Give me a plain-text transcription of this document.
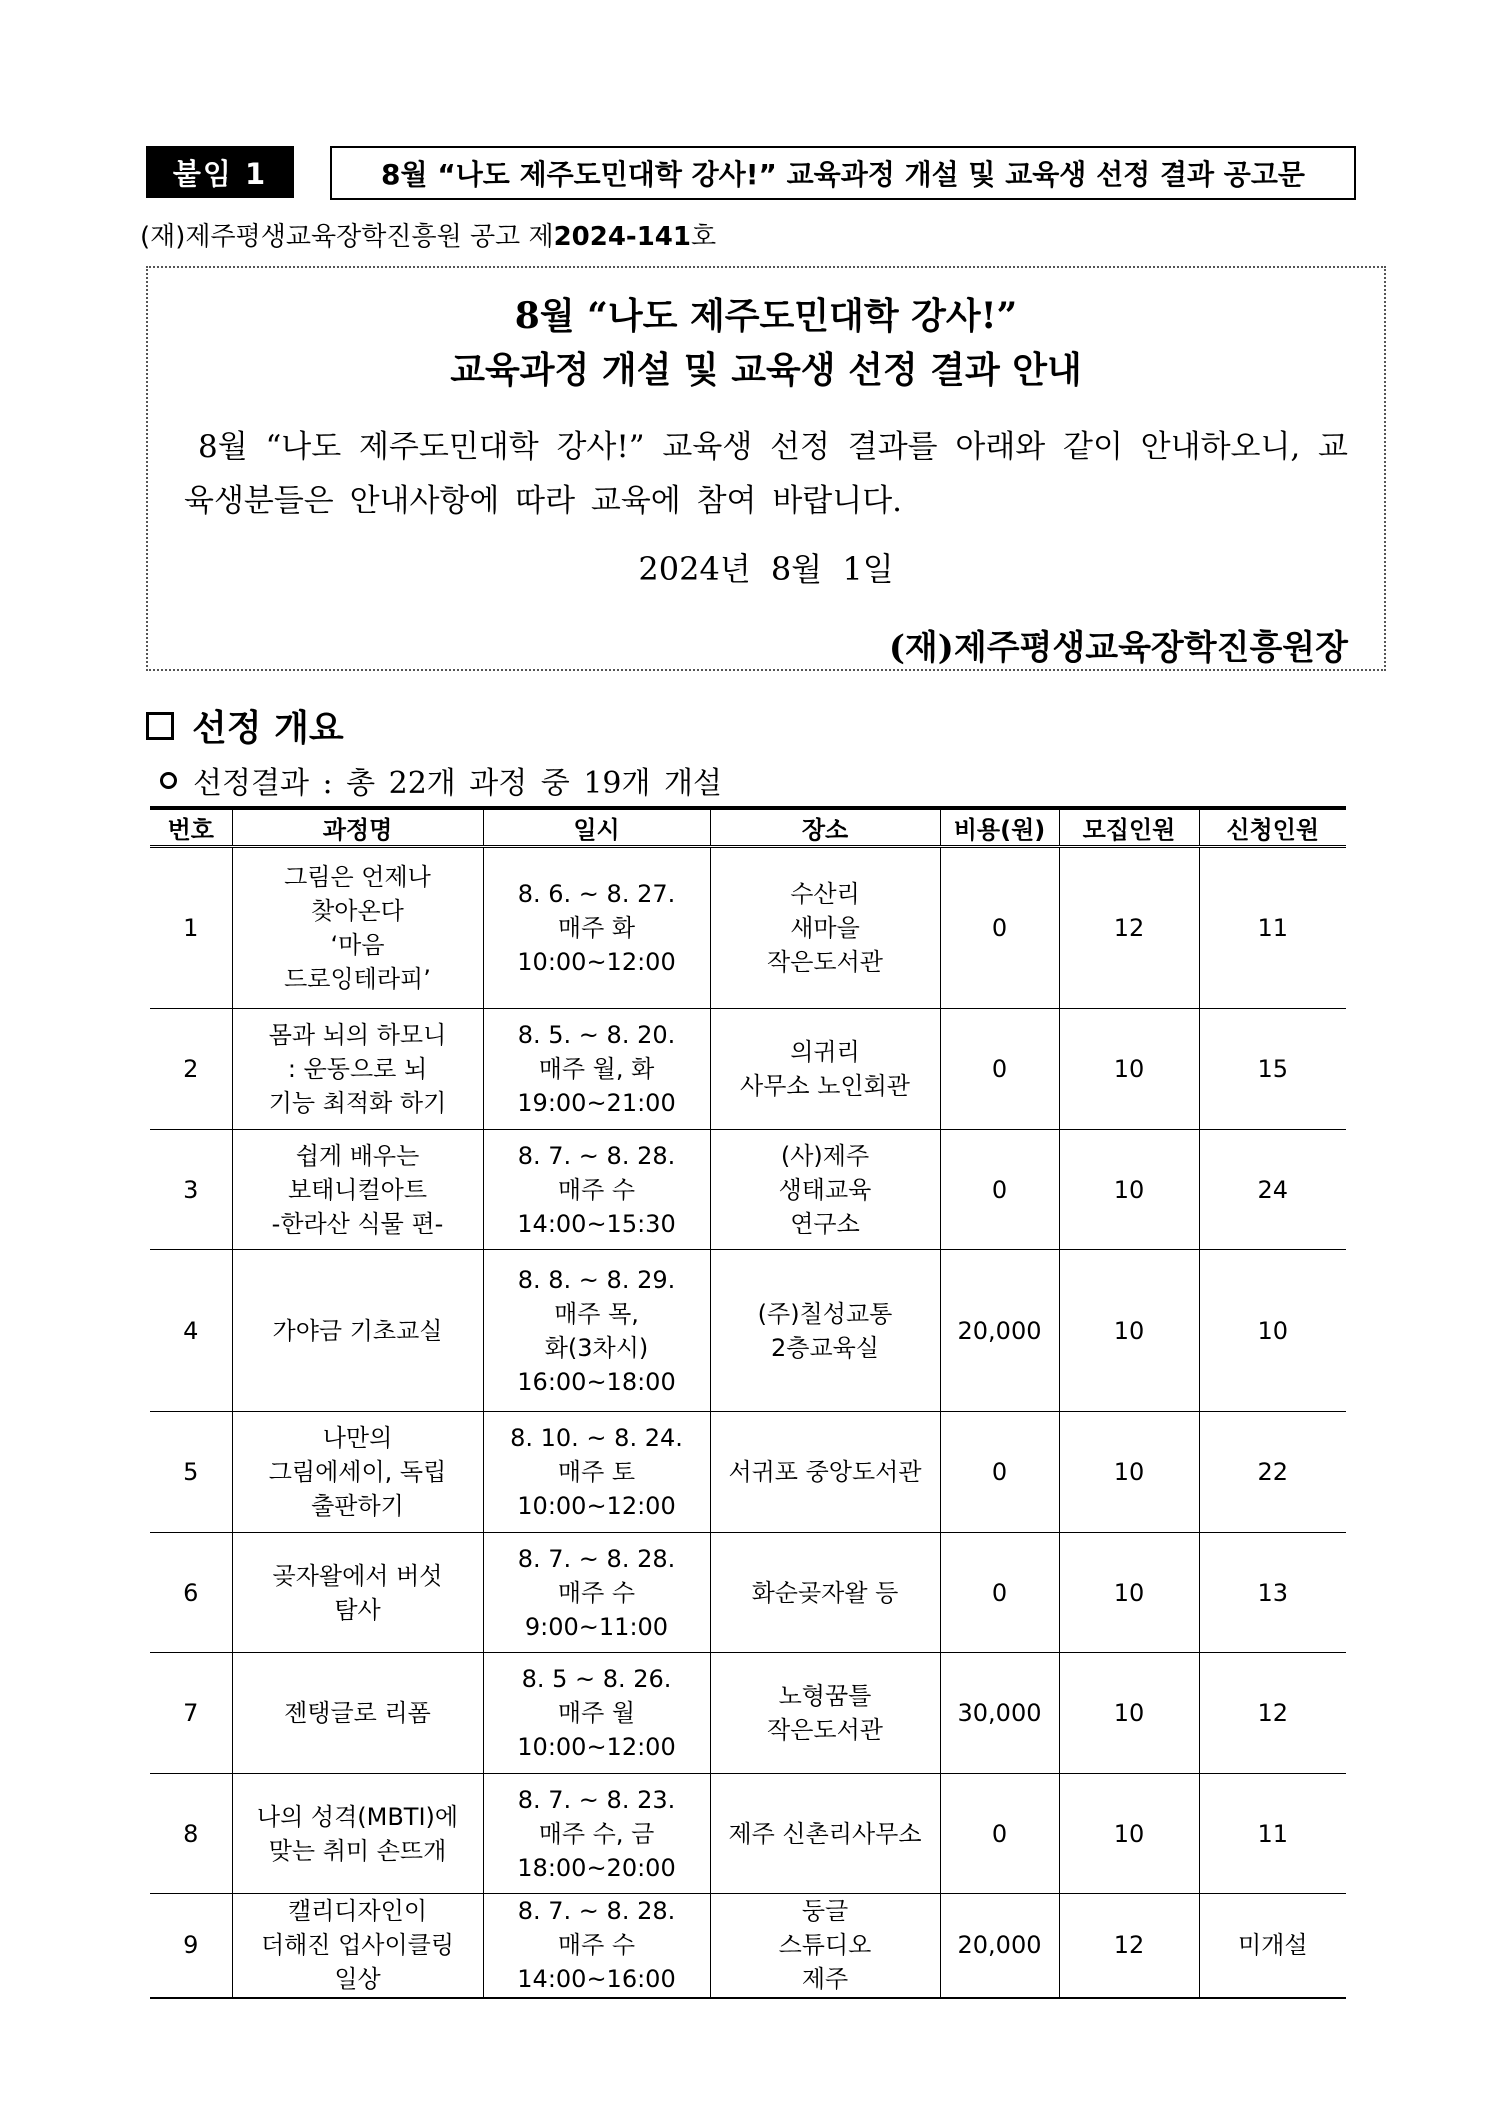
붙임 1	8월 “나도 제주도민대학 강사!” 교육과정 개설 및 교육생 선정 결과 공고문
(재)제주평생교육장학진흥원 공고 제2024-141호
8월 “나도 제주도민대학 강사!”
교육과정 개설 및 교육생 선정 결과 안내
8월 “나도 제주도민대학 강사!” 교육생 선정 결과를 아래와 같이 안내하오니, 교육생분들은 안내사항에 따라 교육에 참여 바랍니다.
2024년 8월 1일
(재)제주평생교육장학진흥원장
선정 개요
선정결과 : 총 22개 과정 중 19개 개설
번호	과정명	일시	장소	비용(원)	모집인원	신청인원
1	그림은 언제나
찾아온다
‘마음
드로잉테라피’	8. 6. ~ 8. 27.
매주 화
10:00~12:00	수산리
새마을
작은도서관	0	12	11
2	몸과 뇌의 하모니
: 운동으로 뇌
기능 최적화 하기	8. 5. ~ 8. 20.
매주 월, 화
19:00~21:00	의귀리
사무소 노인회관	0	10	15
3	쉽게 배우는
보태니컬아트
-한라산 식물 편-	8. 7. ~ 8. 28.
매주 수
14:00~15:30	(사)제주
생태교육
연구소	0	10	24
4	가야금 기초교실	8. 8. ~ 8. 29.
매주 목,
화(3차시)
16:00~18:00	(주)칠성교통
2층교육실	20,000	10	10
5	나만의
그림에세이, 독립
출판하기	8. 10. ~ 8. 24.
매주 토
10:00~12:00	서귀포 중앙도서관	0	10	22
6	곶자왈에서 버섯
탐사	8. 7. ~ 8. 28.
매주 수
9:00~11:00	화순곶자왈 등	0	10	13
7	젠탱글로 리폼	8. 5 ~ 8. 26.
매주 월
10:00~12:00	노형꿈틀
작은도서관	30,000	10	12
8	나의 성격(MBTI)에
맞는 취미 손뜨개	8. 7. ~ 8. 23.
매주 수, 금
18:00~20:00	제주 신촌리사무소	0	10	11
9	캘리디자인이
더해진 업사이클링
일상	8. 7. ~ 8. 28.
매주 수
14:00~16:00	둥글
스튜디오
제주	20,000	12	미개설
